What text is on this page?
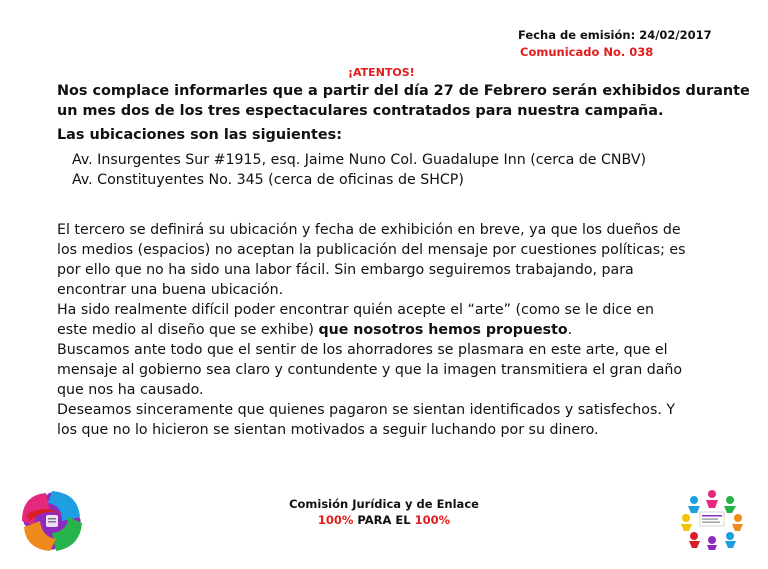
Fecha de emisión: 24/02/2017
Comunicado No. 038
¡ATENTOS!

Nos complace informarles que a partir del día 27 de Febrero serán exhibidos durante

un mes dos de los tres espectaculares contratados para nuestra campaña.

Las ubicaciones son las siguientes:
Av. Insurgentes Sur #1915, esq. Jaime Nuno Col. Guadalupe Inn (cerca de CNBV)
Av. Constituyentes No. 345 (cerca de oficinas de SHCP)

El tercero se definirá su ubicación y fecha de exhibición en breve, ya que los dueños de
los medios (espacios) no aceptan la publicación del mensaje por cuestiones políticas; es
por ello que no ha sido una labor fácil. Sin embargo seguiremos trabajando, para
encontrar una buena ubicación.

Ha sido realmente difícil poder encontrar quién acepte el “arte” (como se le dice en
este medio al diseño que se exhibe) que nosotros hemos propuesto.

Buscamos ante todo que el sentir de los ahorradores se plasmara en este arte, que el
mensaje al gobierno sea claro y contundente y que la imagen transmitiera el gran daño
que nos ha causado.

Deseamos sinceramente que quienes pagaron se sientan identificados y satisfechos. Y
los que no lo hicieron se sientan motivados a seguir luchando por su dinero.

Comisión Jurídica y de Enlace
100% PARA EL 100%
